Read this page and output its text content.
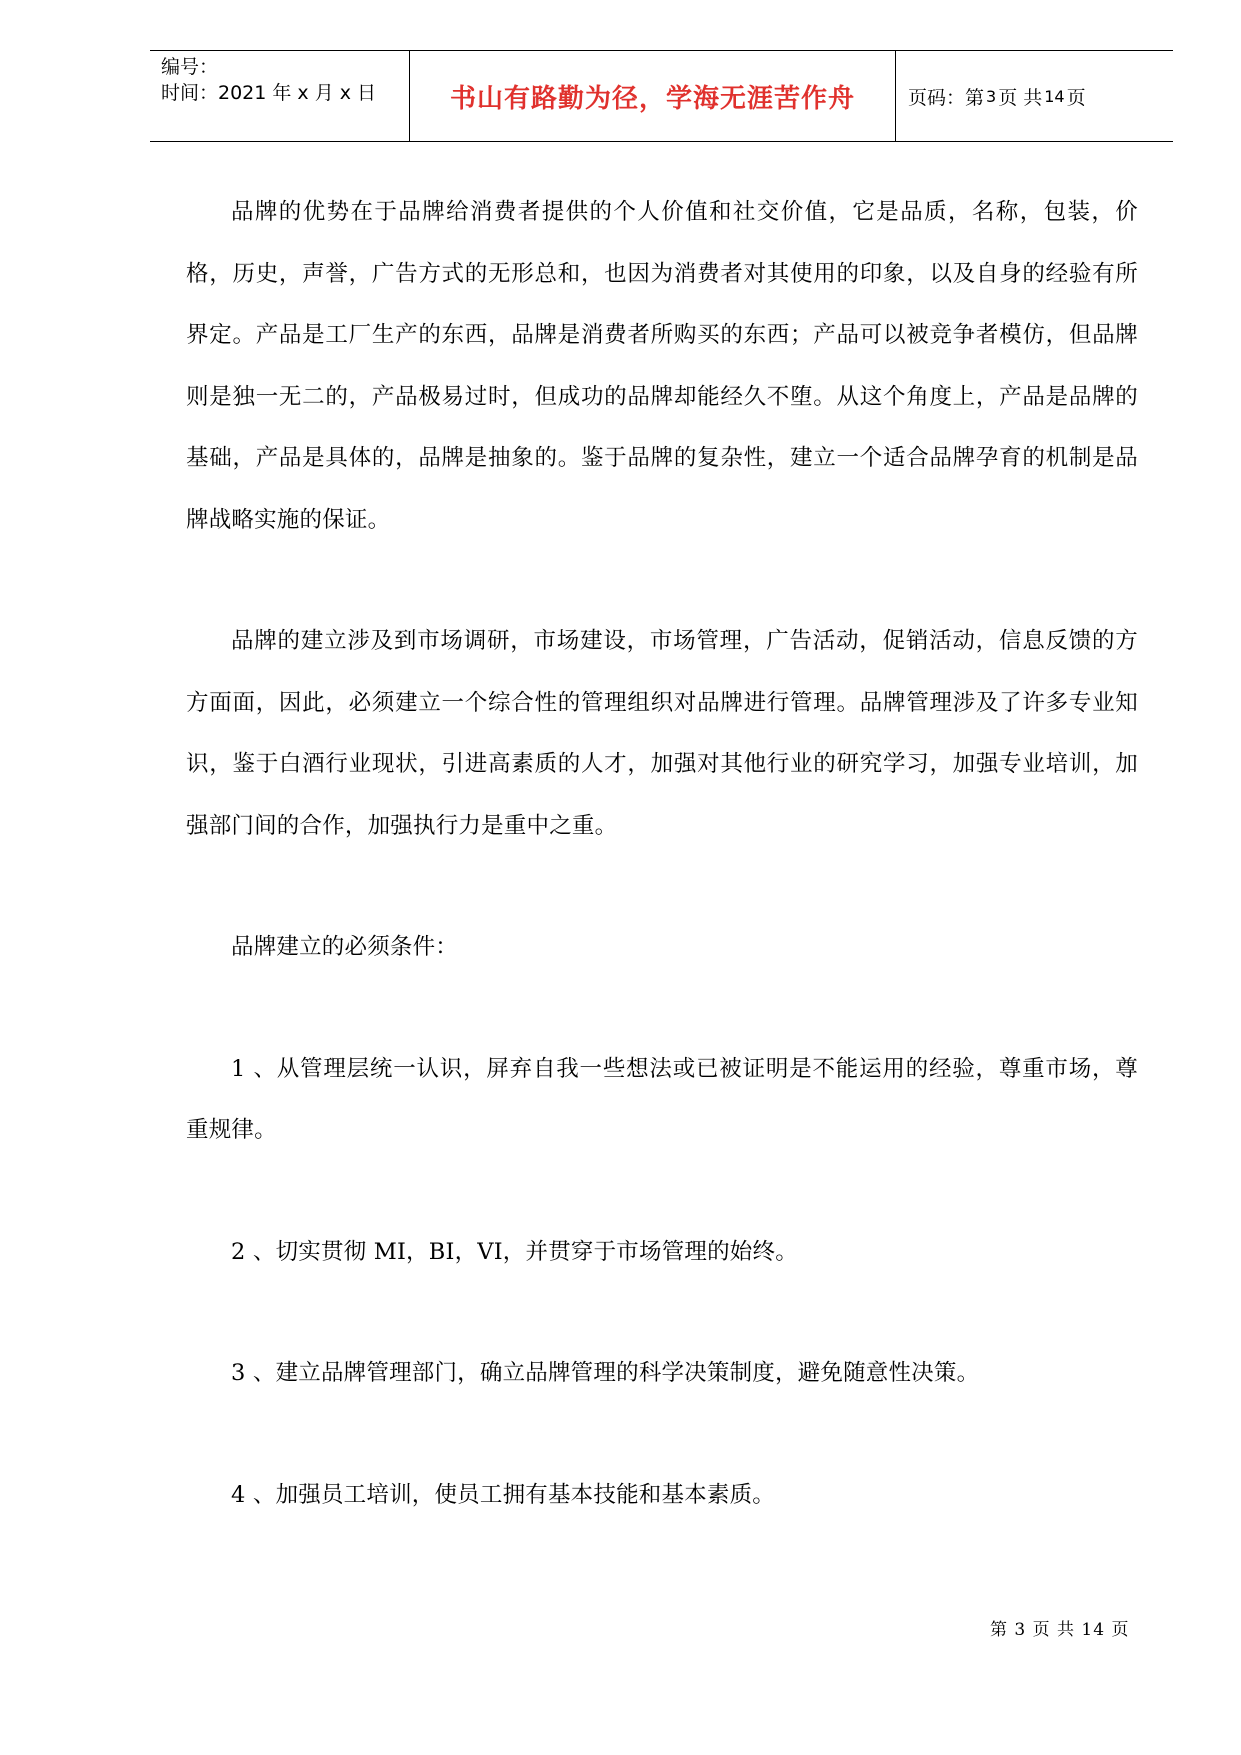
编号：
时间：2021 年 x 月 x 日	书山有路勤为径，学海无涯苦作舟	页码：第 3 页 共 14 页

品牌的优势在于品牌给消费者提供的个人价值和社交价值，它是品质，名称，包装，价格，历史，声誉，广告方式的无形总和，也因为消费者对其使用的印象，以及自身的经验有所界定。产品是工厂生产的东西，品牌是消费者所购买的东西；产品可以被竞争者模仿，但品牌则是独一无二的，产品极易过时，但成功的品牌却能经久不堕。从这个角度上，产品是品牌的基础，产品是具体的，品牌是抽象的。鉴于品牌的复杂性，建立一个适合品牌孕育的机制是品牌战略实施的保证。

品牌的建立涉及到市场调研，市场建设，市场管理，广告活动，促销活动，信息反馈的方方面面，因此，必须建立一个综合性的管理组织对品牌进行管理。品牌管理涉及了许多专业知识，鉴于白酒行业现状，引进高素质的人才，加强对其他行业的研究学习，加强专业培训，加强部门间的合作，加强执行力是重中之重。

品牌建立的必须条件：

1 、从管理层统一认识，屏弃自我一些想法或已被证明是不能运用的经验，尊重市场，尊重规律。

2 、切实贯彻 MI，BI，VI，并贯穿于市场管理的始终。

3 、建立品牌管理部门，确立品牌管理的科学决策制度，避免随意性决策。

4 、加强员工培训，使员工拥有基本技能和基本素质。

第 3 页 共 14 页
